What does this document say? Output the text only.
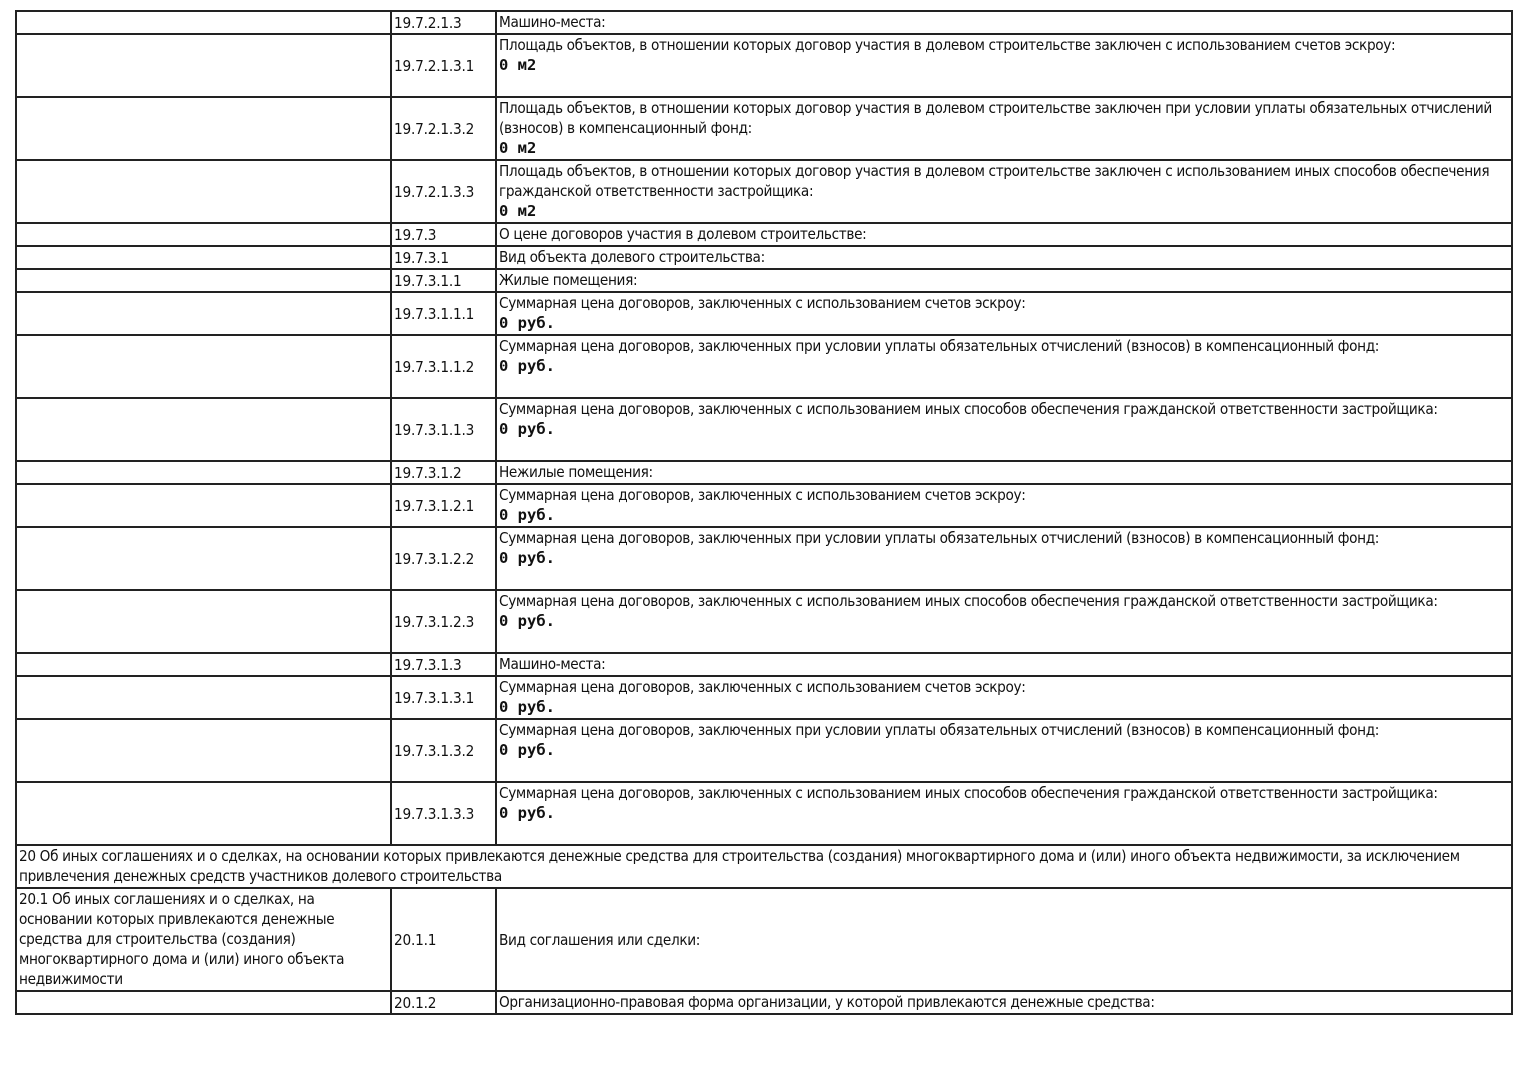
	19.7.2.1.3	Машино-места:
	19.7.2.1.3.1	Площадь объектов, в отношении которых договор участия в долевом строительстве заключен с использованием счетов эскроу:
0 м2

	19.7.2.1.3.2	Площадь объектов, в отношении которых договор участия в долевом строительстве заключен при условии уплаты обязательных отчислений (взносов) в компенсационный фонд:
0 м2

	19.7.2.1.3.3	Площадь объектов, в отношении которых договор участия в долевом строительстве заключен с использованием иных способов обеспечения гражданской ответственности застройщика:
0 м2

	19.7.3	О цене договоров участия в долевом строительстве:
	19.7.3.1	Вид объекта долевого строительства:
	19.7.3.1.1	Жилые помещения:
	19.7.3.1.1.1	Суммарная цена договоров, заключенных с использованием счетов эскроу:
0 руб.

	19.7.3.1.1.2	Суммарная цена договоров, заключенных при условии уплаты обязательных отчислений (взносов) в компенсационный фонд:
0 руб.

	19.7.3.1.1.3	Суммарная цена договоров, заключенных с использованием иных способов обеспечения гражданской ответственности застройщика:
0 руб.

	19.7.3.1.2	Нежилые помещения:
	19.7.3.1.2.1	Суммарная цена договоров, заключенных с использованием счетов эскроу:
0 руб.

	19.7.3.1.2.2	Суммарная цена договоров, заключенных при условии уплаты обязательных отчислений (взносов) в компенсационный фонд:
0 руб.

	19.7.3.1.2.3	Суммарная цена договоров, заключенных с использованием иных способов обеспечения гражданской ответственности застройщика:
0 руб.

	19.7.3.1.3	Машино-места:
	19.7.3.1.3.1	Суммарная цена договоров, заключенных с использованием счетов эскроу:
0 руб.

	19.7.3.1.3.2	Суммарная цена договоров, заключенных при условии уплаты обязательных отчислений (взносов) в компенсационный фонд:
0 руб.

	19.7.3.1.3.3	Суммарная цена договоров, заключенных с использованием иных способов обеспечения гражданской ответственности застройщика:
0 руб.

20 Об иных соглашениях и о сделках, на основании которых привлекаются денежные средства для строительства (создания) многоквартирного дома и (или) иного объекта недвижимости, за исключением привлечения денежных средств участников долевого строительства		
20.1 Об иных соглашениях и о сделках, на основании которых привлекаются денежные средства для строительства (создания) многоквартирного дома и (или) иного объекта недвижимости	20.1.1	Вид соглашения или сделки:
	20.1.2	Организационно-правовая форма организации, у которой привлекаются денежные средства:
